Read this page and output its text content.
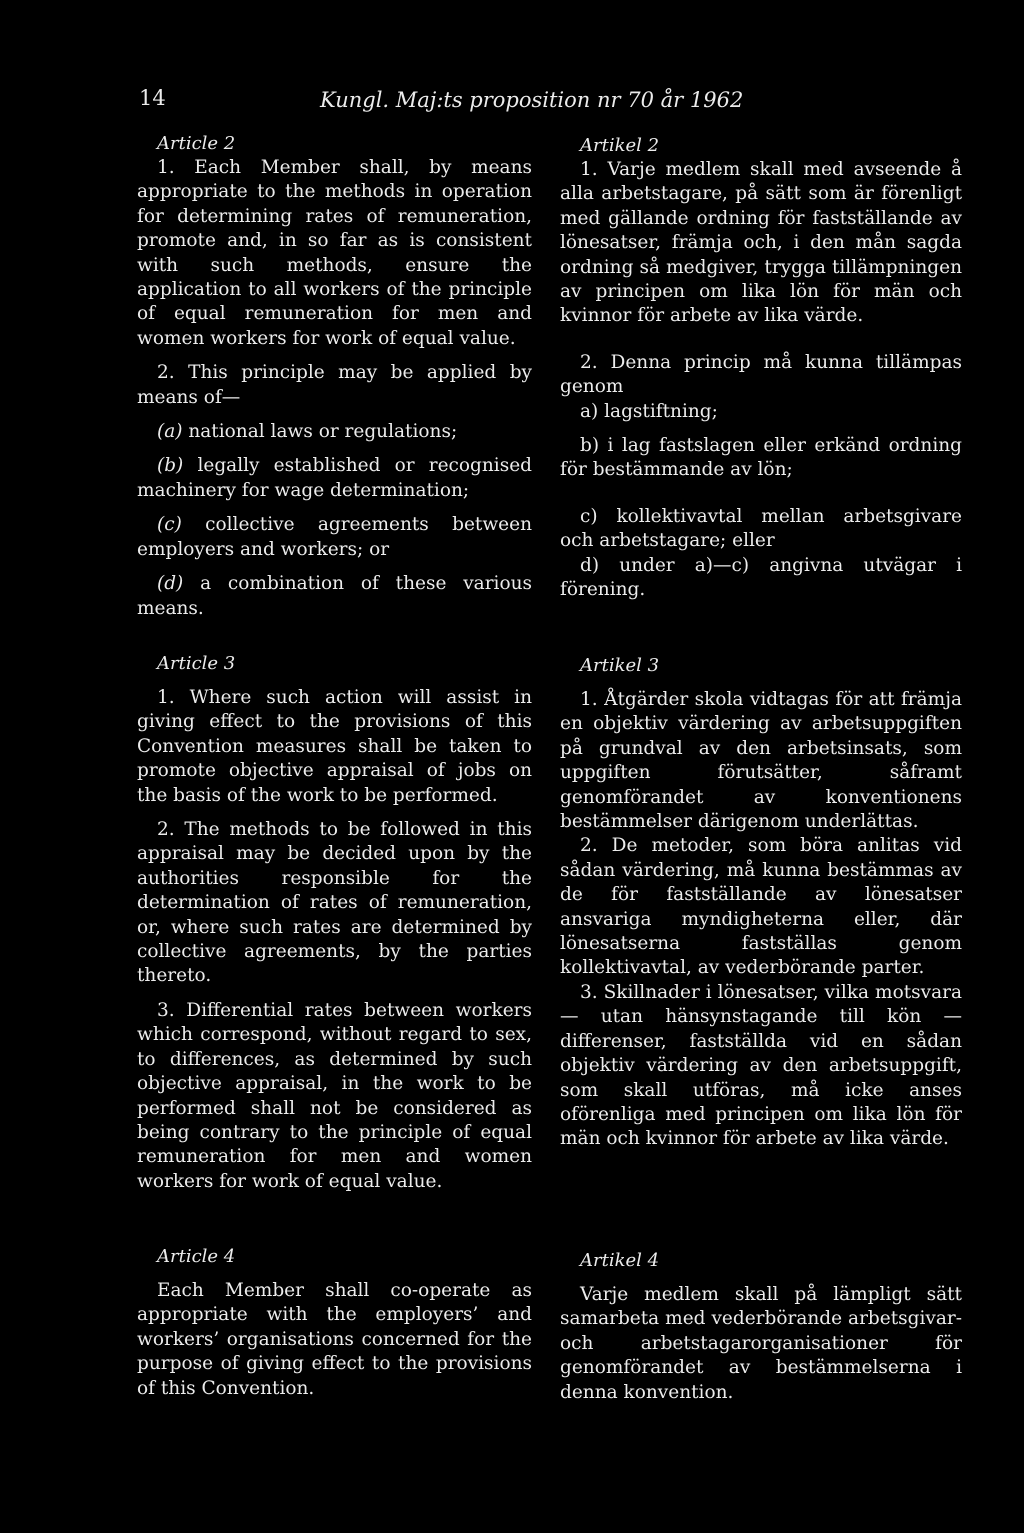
14	Kungl. Maj:ts proposition nr 70 år 1962

Article 2

1. Each Member shall, by means appropriate to the methods in operation for determining rates of remuneration, promote and, in so far as is consistent with such methods, ensure the application to all workers of the principle of equal remuneration for men and women workers for work of equal value.

2. This principle may be applied by means of—

(a) national laws or regulations;

(b) legally established or recognised machinery for wage determination;

(c) collective agreements between employers and workers; or

(d) a combination of these various means.

Article 3

1. Where such action will assist in giving effect to the provisions of this Convention measures shall be taken to promote objective appraisal of jobs on the basis of the work to be performed.

2. The methods to be followed in this appraisal may be decided upon by the authorities responsible for the determination of rates of remuneration, or, where such rates are determined by collective agreements, by the parties thereto.

3. Differential rates between workers which correspond, without regard to sex, to differences, as determined by such objective appraisal, in the work to be performed shall not be considered as being contrary to the principle of equal remuneration for men and women workers for work of equal value.

Article 4

Each Member shall co-operate as appropriate with the employers’ and workers’ organisations concerned for the purpose of giving effect to the provisions of this Convention.

Artikel 2

1. Varje medlem skall med avseende å alla arbetstagare, på sätt som är förenligt med gällande ordning för fastställande av lönesatser, främja och, i den mån sagda ordning så medgiver, trygga tillämpningen av principen om lika lön för män och kvinnor för arbete av lika värde.

2. Denna princip må kunna tillämpas genom

a) lagstiftning;

b) i lag fastslagen eller erkänd ordning för bestämmande av lön;

c) kollektivavtal mellan arbetsgivare och arbetstagare; eller

d) under a)—c) angivna utvägar i förening.

Artikel 3

1. Åtgärder skola vidtagas för att främja en objektiv värdering av arbetsuppgiften på grundval av den arbetsinsats, som uppgiften förutsätter, såframt genomförandet av konventionens bestämmelser därigenom underlättas.

2. De metoder, som böra anlitas vid sådan värdering, må kunna bestämmas av de för fastställande av lönesatser ansvariga myndigheterna eller, där lönesatserna fastställas genom kollektivavtal, av vederbörande parter.

3. Skillnader i lönesatser, vilka motsvara — utan hänsynstagande till kön — differenser, fastställda vid en sådan objektiv värdering av den arbetsuppgift, som skall utföras, må icke anses oförenliga med principen om lika lön för män och kvinnor för arbete av lika värde.

Artikel 4

Varje medlem skall på lämpligt sätt samarbeta med vederbörande arbetsgivar- och arbetstagarorganisationer för genomförandet av bestämmelserna i denna konvention.
